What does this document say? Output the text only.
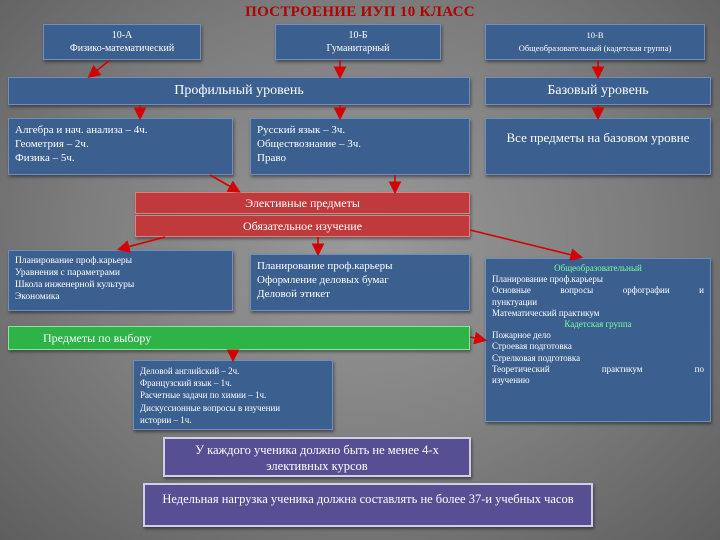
ПОСТРОЕНИЕ ИУП 10 КЛАСС
10-А
Физико-математический
10-Б
Гуманитарный
10-В
Общеобразовательный (кадетская группа)
Профильный уровень	Базовый уровень
Алгебра и нач. анализа – 4ч.
Геометрия – 2ч.
Физика – 5ч.
Русский язык – 3ч.
Обществознание – 3ч.
Право
Все предметы на базовом уровне
Элективные предметы
Обязательное изучение
Планирование проф.карьеры
Уравнения с параметрами
Школа инженерной культуры
Экономика
Планирование проф.карьеры
Оформление деловых бумаг
Деловой этикет
Общеобразовательный
Планирование проф.карьеры
Основные вопросы орфографии и
пунктуации
Математический практикум
Кадетская группа
Пожарное дело
Строевая подготовка
Стрелковая подготовка
Теоретический практикум по
изучению
Предметы по выбору
Деловой английский – 2ч.
Французский язык – 1ч.
Расчетные задачи по химии – 1ч.
Дискуссионные вопросы в изучении
истории – 1ч.
У каждого ученика должно быть не менее 4-х элективных курсов
Недельная нагрузка ученика должна составлять не более 37-и учебных часов
